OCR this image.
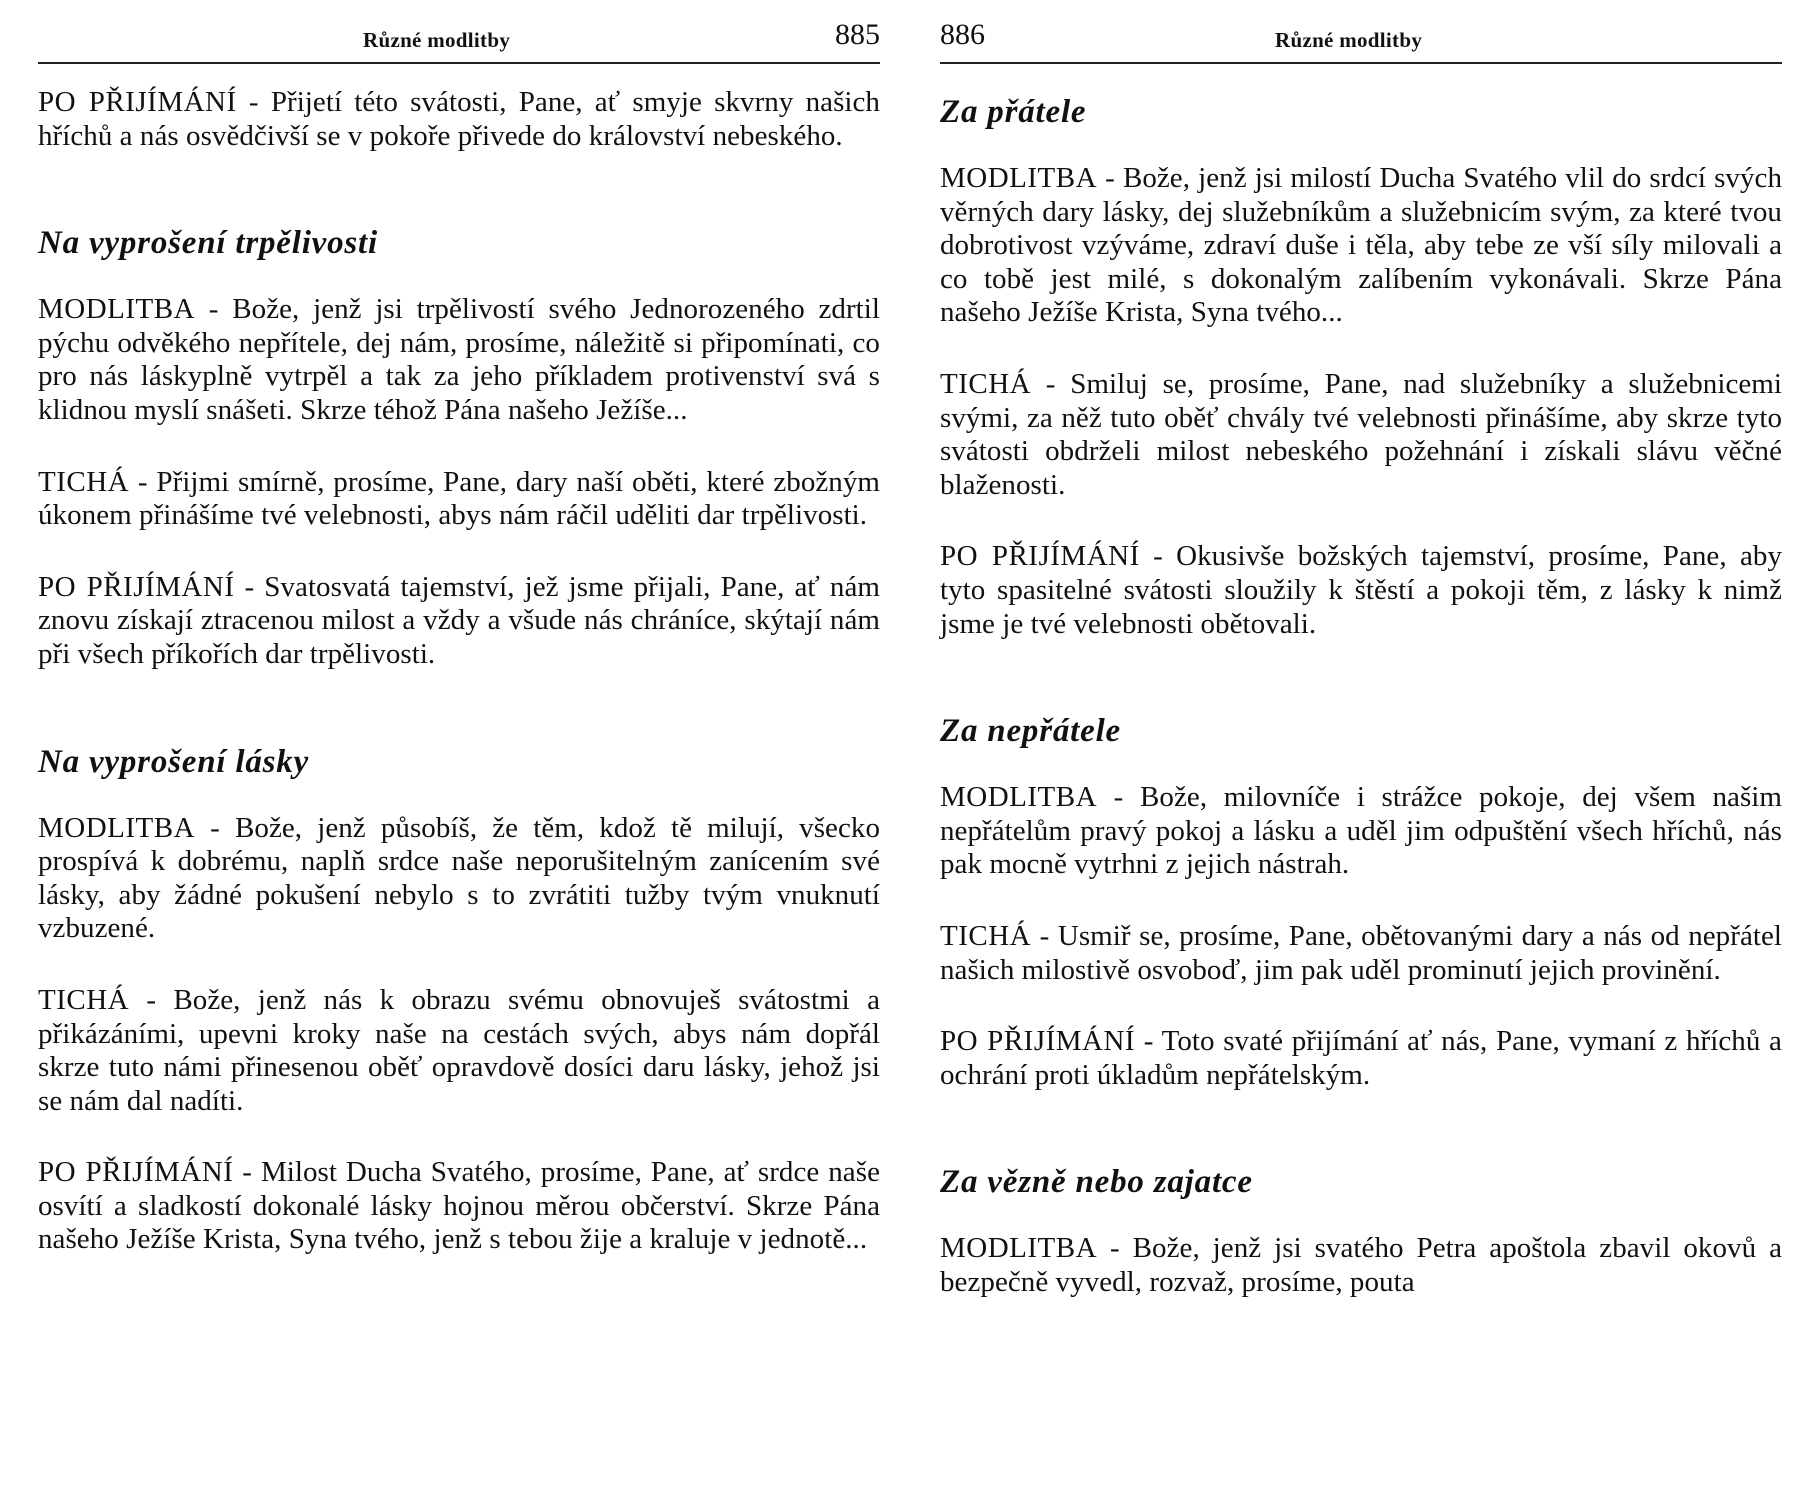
Různé modlitby	885

PO PŘIJÍMÁNÍ - Přijetí této svátosti, Pane, ať smyje skvrny našich hříchů a nás osvědčivší se v pokoře přivede do království nebeského.

Na vyprošení trpělivosti

MODLITBA - Bože, jenž jsi trpělivostí svého Jednorozeného zdrtil pýchu odvěkého nepřítele, dej nám, prosíme, náležitě si připomínati, co pro nás láskyplně vytrpěl a tak za jeho příkladem protivenství svá s klidnou myslí snášeti. Skrze téhož Pána našeho Ježíše...

TICHÁ - Přijmi smírně, prosíme, Pane, dary naší oběti, které zbožným úkonem přinášíme tvé velebnosti, abys nám ráčil uděliti dar trpělivosti.

PO PŘIJÍMÁNÍ - Svatosvatá tajemství, jež jsme přijali, Pane, ať nám znovu získají ztracenou milost a vždy a všude nás chráníce, skýtají nám při všech příkořích dar trpělivosti.

Na vyprošení lásky

MODLITBA - Bože, jenž působíš, že těm, kdož tě milují, všecko prospívá k dobrému, naplň srdce naše neporušitelným zanícením své lásky, aby žádné pokušení nebylo s to zvrátiti tužby tvým vnuknutí vzbuzené.

TICHÁ - Bože, jenž nás k obrazu svému obnovuješ svátostmi a přikázáními, upevni kroky naše na cestách svých, abys nám dopřál skrze tuto námi přinesenou oběť opravdově dosíci daru lásky, jehož jsi se nám dal nadíti.

PO PŘIJÍMÁNÍ - Milost Ducha Svatého, prosíme, Pane, ať srdce naše osvítí a sladkostí dokonalé lásky hojnou měrou občerství. Skrze Pána našeho Ježíše Krista, Syna tvého, jenž s tebou žije a kraluje v jednotě...

886	Různé modlitby
Za přátele

MODLITBA - Bože, jenž jsi milostí Ducha Svatého vlil do srdcí svých věrných dary lásky, dej služebníkům a služebnicím svým, za které tvou dobrotivost vzýváme, zdraví duše i těla, aby tebe ze vší síly milovali a co tobě jest milé, s dokonalým zalíbením vykonávali. Skrze Pána našeho Ježíše Krista, Syna tvého...

TICHÁ - Smiluj se, prosíme, Pane, nad služebníky a služebnicemi svými, za něž tuto oběť chvály tvé velebnosti přinášíme, aby skrze tyto svátosti obdrželi milost nebeského požehnání i získali slávu věčné blaženosti.

PO PŘIJÍMÁNÍ - Okusivše božských tajemství, prosíme, Pane, aby tyto spasitelné svátosti sloužily k štěstí a pokoji těm, z lásky k nimž jsme je tvé velebnosti obětovali.

Za nepřátele

MODLITBA - Bože, milovníče i strážce pokoje, dej všem našim nepřátelům pravý pokoj a lásku a uděl jim odpuštění všech hříchů, nás pak mocně vytrhni z jejich nástrah.

TICHÁ - Usmiř se, prosíme, Pane, obětovanými dary a nás od nepřátel našich milostivě osvoboď, jim pak uděl prominutí jejich provinění.

PO PŘIJÍMÁNÍ - Toto svaté přijímání ať nás, Pane, vymaní z hříchů a ochrání proti úkladům nepřátelským.

Za vězně nebo zajatce

MODLITBA - Bože, jenž jsi svatého Petra apoštola zbavil okovů a bezpečně vyvedl, rozvaž, prosíme, pouta
